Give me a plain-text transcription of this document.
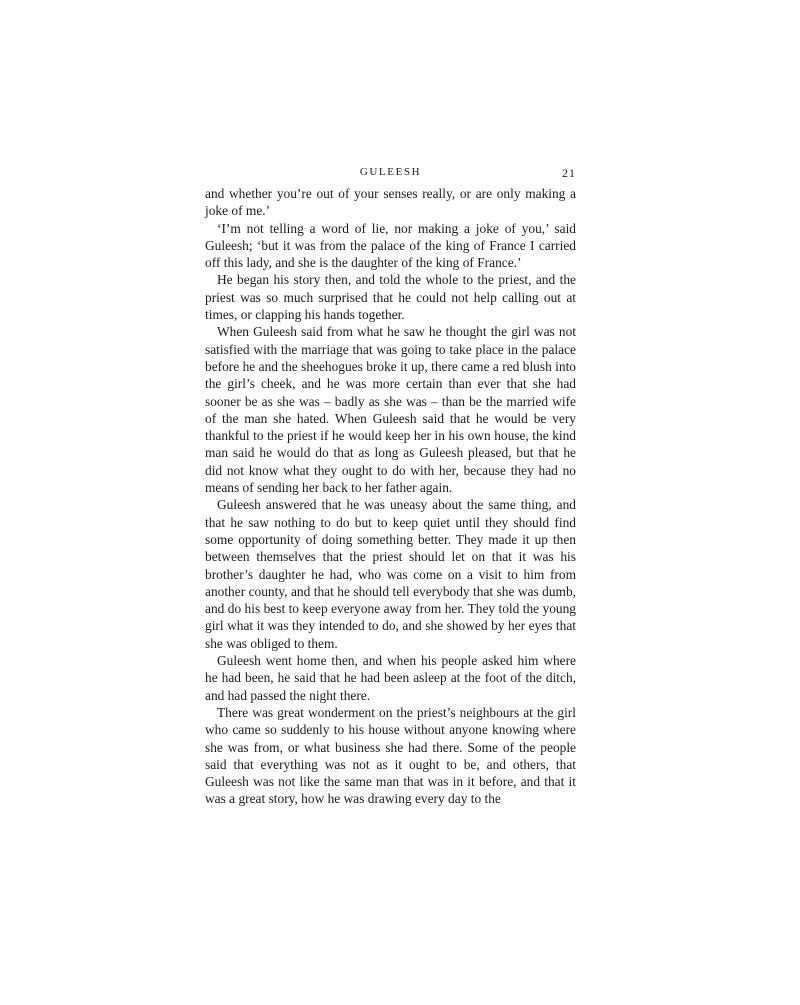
GULEESH	21

and whether you’re out of your senses really, or are only making a joke of me.’

‘I’m not telling a word of lie, nor making a joke of you,’ said Guleesh; ‘but it was from the palace of the king of France I carried off this lady, and she is the daughter of the king of France.’

He began his story then, and told the whole to the priest, and the priest was so much surprised that he could not help calling out at times, or clapping his hands together.

When Guleesh said from what he saw he thought the girl was not satisfied with the marriage that was going to take place in the palace before he and the sheehogues broke it up, there came a red blush into the girl’s cheek, and he was more certain than ever that she had sooner be as she was – badly as she was – than be the married wife of the man she hated. When Guleesh said that he would be very thankful to the priest if he would keep her in his own house, the kind man said he would do that as long as Guleesh pleased, but that he did not know what they ought to do with her, because they had no means of sending her back to her father again.

Guleesh answered that he was uneasy about the same thing, and that he saw nothing to do but to keep quiet until they should find some opportunity of doing something better. They made it up then between themselves that the priest should let on that it was his brother’s daughter he had, who was come on a visit to him from another county, and that he should tell everybody that she was dumb, and do his best to keep everyone away from her. They told the young girl what it was they intended to do, and she showed by her eyes that she was obliged to them.

Guleesh went home then, and when his people asked him where he had been, he said that he had been asleep at the foot of the ditch, and had passed the night there.

There was great wonderment on the priest’s neighbours at the girl who came so suddenly to his house without anyone knowing where she was from, or what business she had there. Some of the people said that everything was not as it ought to be, and others, that Guleesh was not like the same man that was in it before, and that it was a great story, how he was drawing every day to the
